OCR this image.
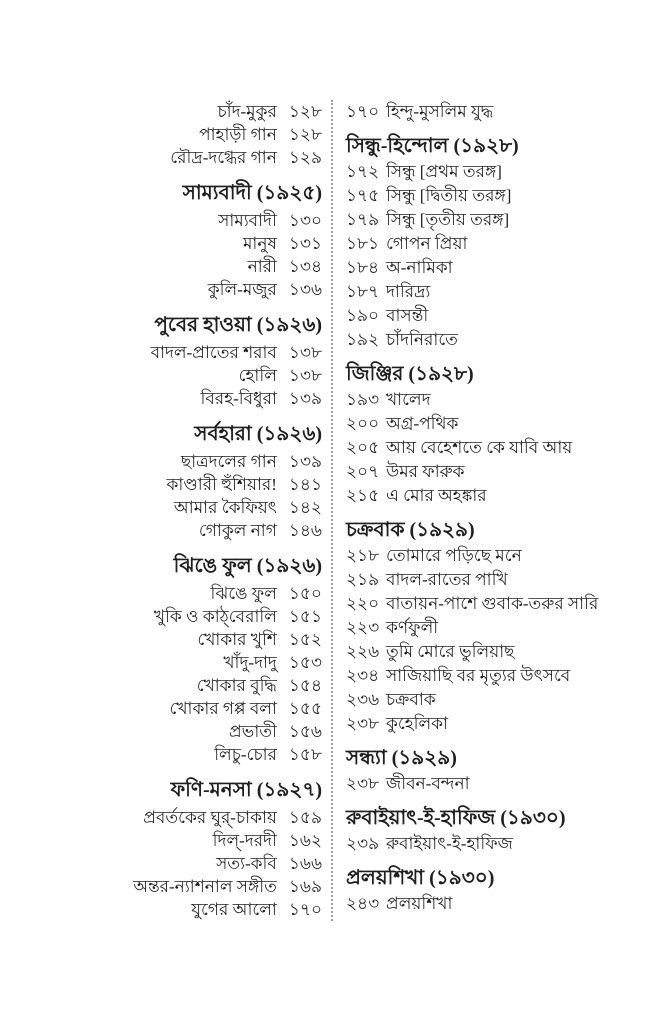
চাঁদ-মুকুর ১২৮
পাহাড়ী গান ১২৮
রৌদ্র-দগ্ধের গান ১২৯
সাম্যবাদী (১৯২৫)
সাম্যবাদী ১৩০
মানুষ ১৩১
নারী ১৩৪
কুলি-মজুর ১৩৬
পুবের হাওয়া (১৯২৬)
বাদল-প্রাতের শরাব ১৩৮
হোলি ১৩৮
বিরহ-বিধুরা ১৩৯
সর্বহারা (১৯২৬)
ছাত্রদলের গান ১৩৯
কাণ্ডারী হুঁশিয়ার! ১৪১
আমার কৈফিয়ৎ ১৪২
গোকুল নাগ ১৪৬
ঝিঙে ফুল (১৯২৬)
ঝিঙে ফুল ১৫০
খুকি ও কাঠ্‌বেরালি ১৫১
খোকার খুশি ১৫২
খাঁদু-দাদু ১৫৩
খোকার বুদ্ধি ১৫৪
খোকার গপ্প বলা ১৫৫
প্রভাতী ১৫৬
লিচু-চোর ১৫৮
ফণি-মনসা (১৯২৭)
প্রবর্তকের ঘুর্-চাকায় ১৫৯
দিল্-দরদী ১৬২
সত্য-কবি ১৬৬
অন্তর-ন্যাশনাল সঙ্গীত ১৬৯
যুগের আলো ১৭০
১৭০ হিন্দু-মুসলিম যুদ্ধ
সিন্ধু-হিন্দোল (১৯২৮)
১৭২ সিন্ধু [প্রথম তরঙ্গ]
১৭৫ সিন্ধু [দ্বিতীয় তরঙ্গ]
১৭৯ সিন্ধু [তৃতীয় তরঙ্গ]
১৮১ গোপন প্রিয়া
১৮৪ অ-নামিকা
১৮৭ দারিদ্র্য
১৯০ বাসন্তী
১৯২ চাঁদনিরাতে
জিঞ্জির (১৯২৮)
১৯৩ খালেদ
২০০ অগ্র-পথিক
২০৫ আয় বেহেশতে কে যাবি আয়
২০৭ উমর ফারুক
২১৫ এ মোর অহঙ্কার
চক্রবাক (১৯২৯)
২১৮ তোমারে পড়িছে মনে
২১৯ বাদল-রাতের পাখি
২২০ বাতায়ন-পাশে গুবাক-তরুর সারি
২২৩ কর্ণফুলী
২২৬ তুমি মোরে ভুলিয়াছ
২৩৪ সাজিয়াছি বর মৃত্যুর উৎসবে
২৩৬ চক্রবাক
২৩৮ কুহেলিকা
সন্ধ্যা (১৯২৯)
২৩৮ জীবন-বন্দনা
রুবাইয়াৎ-ই-হাফিজ (১৯৩০)
২৩৯ রুবাইয়াৎ-ই-হাফিজ
প্রলয়শিখা (১৯৩০)
২৪৩ প্রলয়শিখা
